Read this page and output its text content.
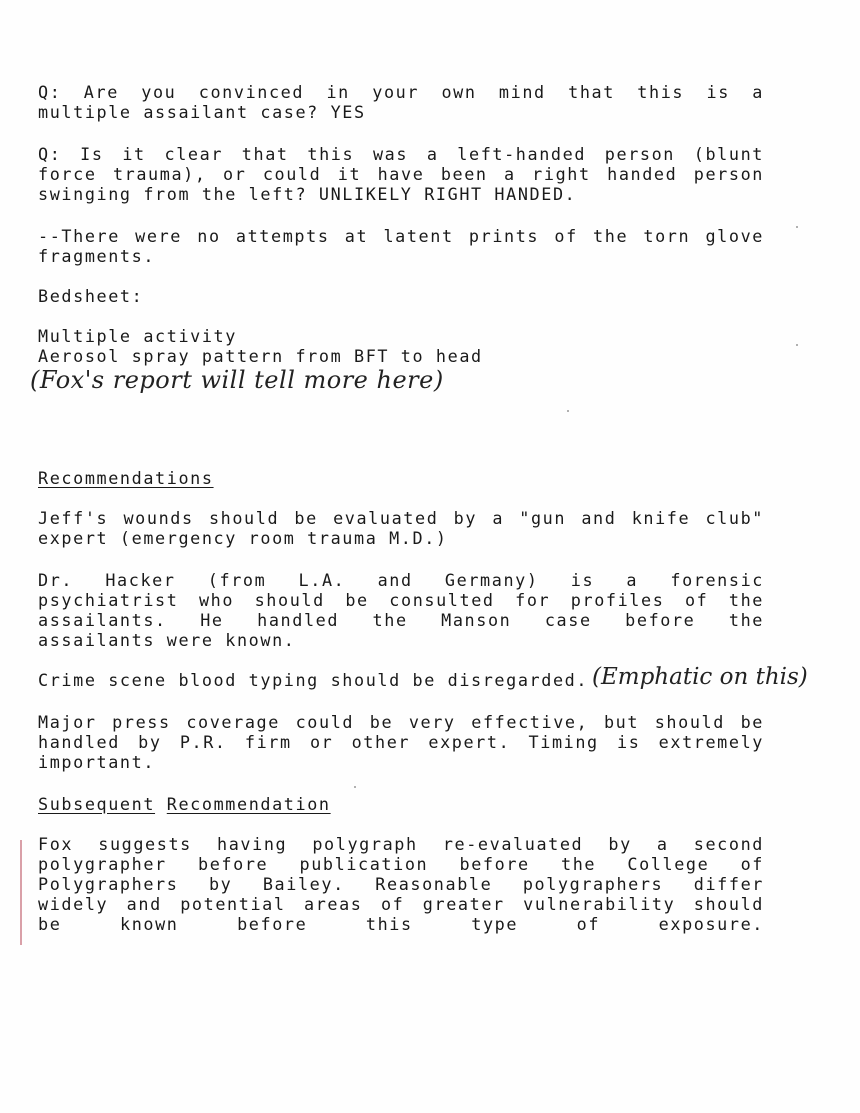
Q: Are you convinced in your own mind that this is a
multiple assailant case? YES
Q: Is it clear that this was a left-handed person (blunt
force trauma), or could it have been a right handed person
swinging from the left? UNLIKELY RIGHT HANDED.
--There were no attempts at latent prints of the torn glove
fragments.
Bedsheet:
Multiple activity
Aerosol spray pattern from BFT to head
(Fox's report will tell more here)
Recommendations
Jeff's wounds should be evaluated by a "gun and knife club"
expert (emergency room trauma M.D.)
Dr. Hacker (from L.A. and Germany) is a forensic
psychiatrist who should be consulted for profiles of the
assailants. He handled the Manson case before the
assailants were known.
Crime scene blood typing should be disregarded. (Emphatic on this)
Major press coverage could be very effective, but should be
handled by P.R. firm or other expert. Timing is extremely
important.
Subsequent Recommendation
Fox suggests having polygraph re-evaluated by a second
polygrapher before publication before the College of
Polygraphers by Bailey. Reasonable polygraphers differ
widely and potential areas of greater vulnerability should
be known before this type of exposure.
